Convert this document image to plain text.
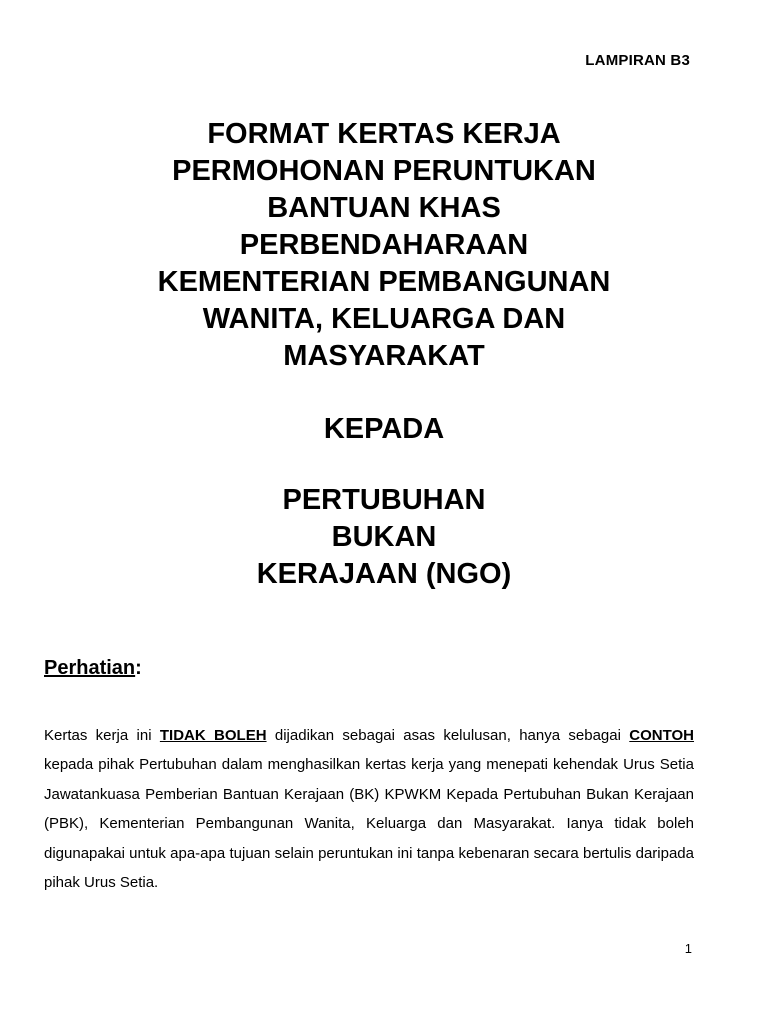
LAMPIRAN B3
FORMAT KERTAS KERJA
PERMOHONAN PERUNTUKAN
BANTUAN KHAS
PERBENDAHARAAN
KEMENTERIAN PEMBANGUNAN
WANITA, KELUARGA DAN
MASYARAKAT
KEPADA
PERTUBUHAN
BUKAN
KERAJAAN (NGO)
Perhatian:

Kertas kerja ini TIDAK BOLEH dijadikan sebagai asas kelulusan, hanya sebagai CONTOH kepada pihak Pertubuhan dalam menghasilkan kertas kerja yang menepati kehendak Urus Setia Jawatankuasa Pemberian Bantuan Kerajaan (BK) KPWKM Kepada Pertubuhan Bukan Kerajaan (PBK), Kementerian Pembangunan Wanita, Keluarga dan Masyarakat. Ianya tidak boleh digunapakai untuk apa-apa tujuan selain peruntukan ini tanpa kebenaran secara bertulis daripada pihak Urus Setia.

1
